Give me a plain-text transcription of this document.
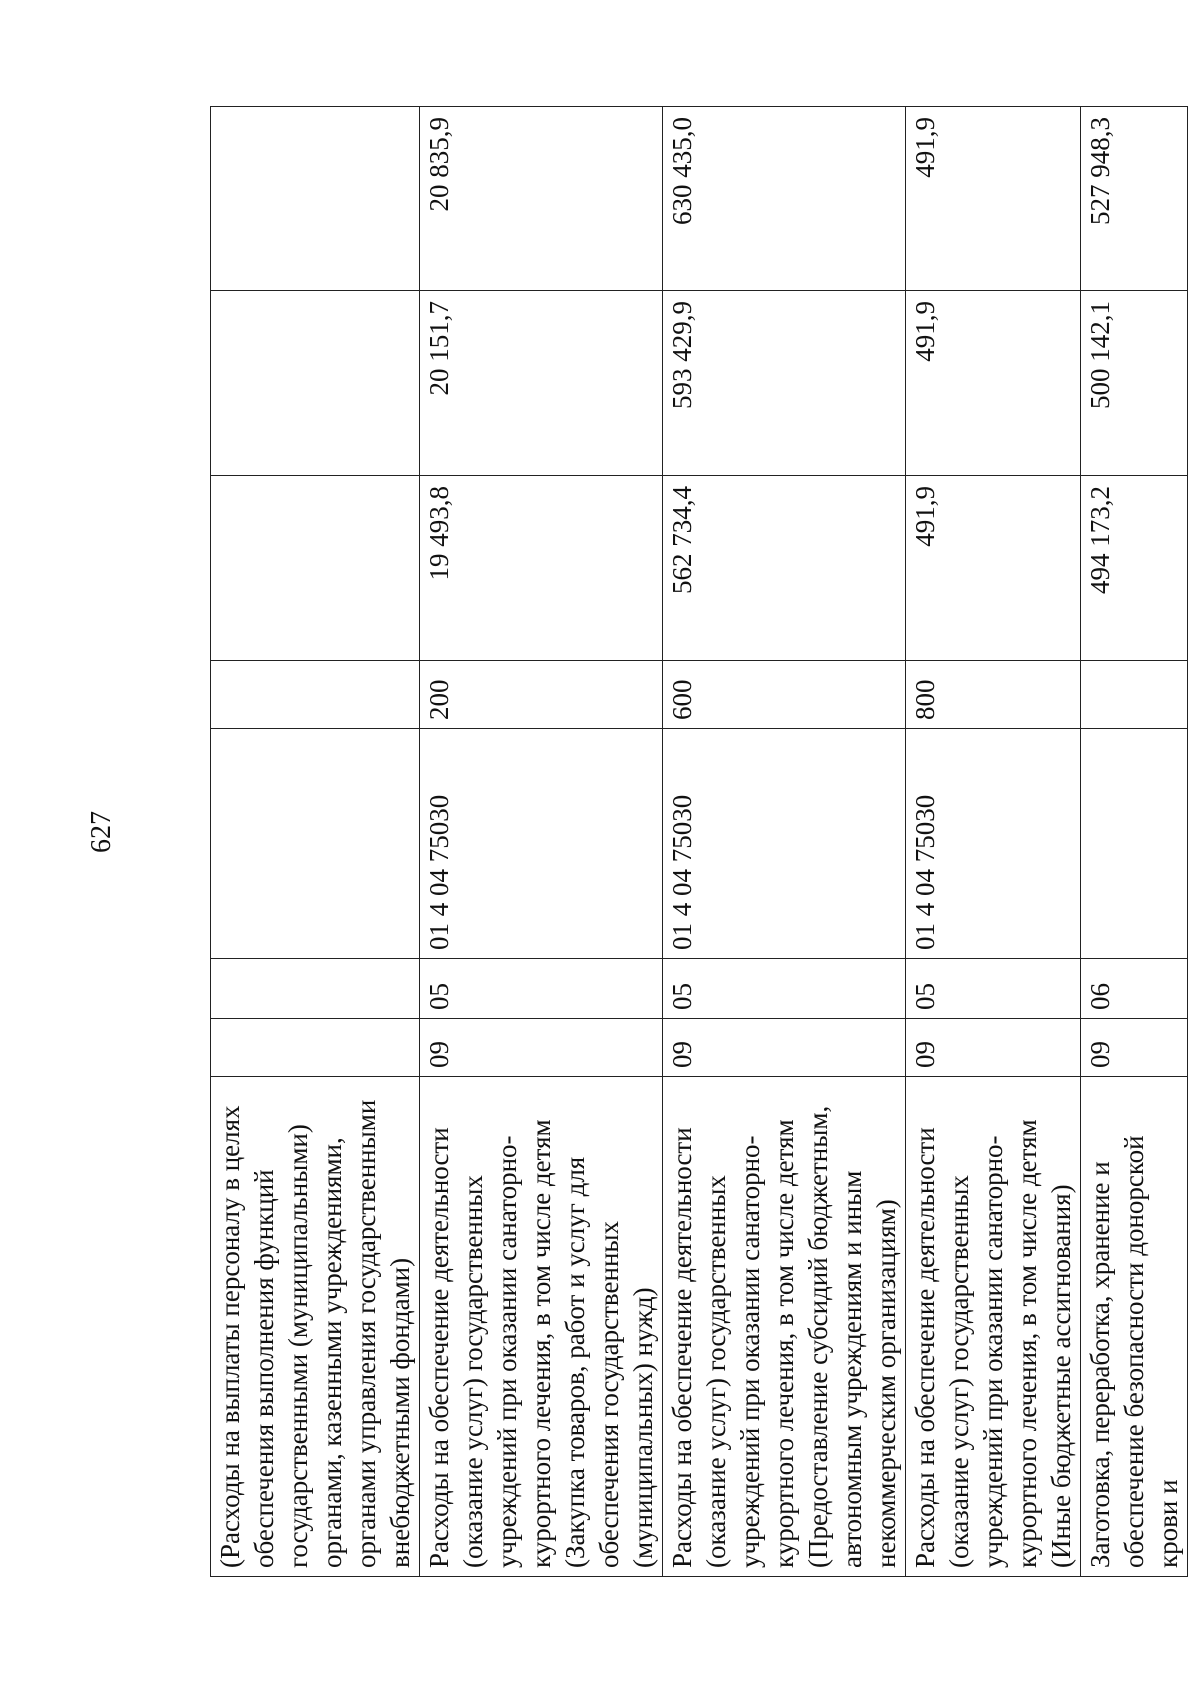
627
(Расходы на выплаты персоналу в целях обеспечения выполнения функций государственными (муниципальными) органами, казенными учреждениями, органами управления государственными внебюджетными фондами)							
Расходы на обеспечение деятельности (оказание услуг) государственных учреждений при оказании санаторно-курортного лечения, в том числе детям (Закупка товаров, работ и услуг для обеспечения государственных (муниципальных) нужд)	09	05	01 4 04 75030	200	19 493,8	20 151,7	20 835,9
Расходы на обеспечение деятельности (оказание услуг) государственных учреждений при оказании санаторно-курортного лечения, в том числе детям (Предоставление субсидий бюджетным, автономным учреждениям и иным некоммерческим организациям)	09	05	01 4 04 75030	600	562 734,4	593 429,9	630 435,0
Расходы на обеспечение деятельности (оказание услуг) государственных учреждений при оказании санаторно-курортного лечения, в том числе детям (Иные бюджетные ассигнования)	09	05	01 4 04 75030	800	491,9	491,9	491,9
Заготовка, переработка, хранение и обеспечение безопасности донорской крови и	09	06			494 173,2	500 142,1	527 948,3
